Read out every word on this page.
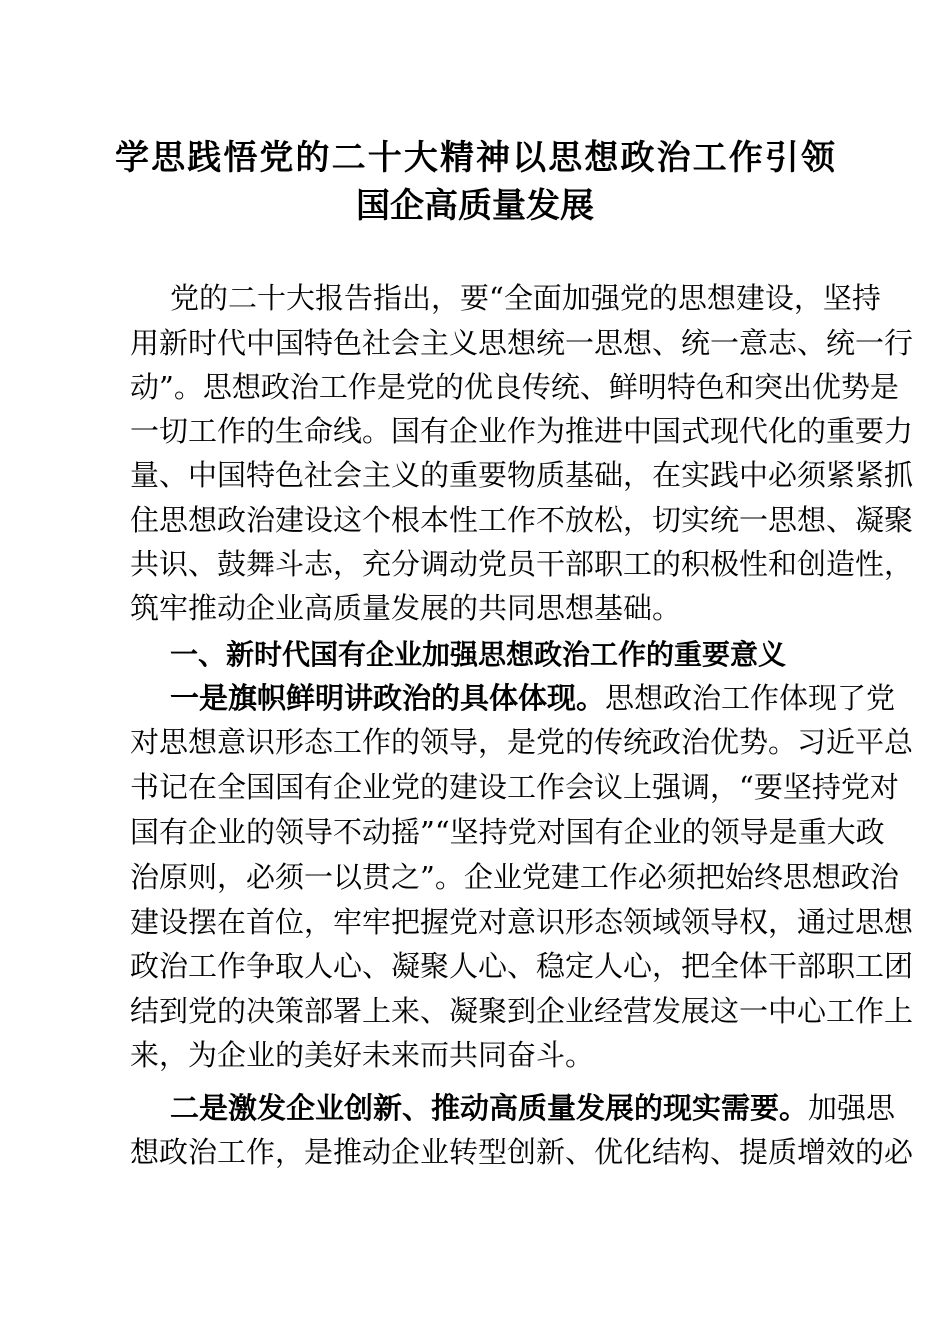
学思践悟党的二十大精神以思想政治工作引领
国企高质量发展
党的二十大报告指出，要“全面加强党的思想建设，坚持
用新时代中国特色社会主义思想统一思想、统一意志、统一行
动”。思想政治工作是党的优良传统、鲜明特色和突出优势是
一切工作的生命线。国有企业作为推进中国式现代化的重要力
量、中国特色社会主义的重要物质基础，在实践中必须紧紧抓
住思想政治建设这个根本性工作不放松，切实统一思想、凝聚
共识、鼓舞斗志，充分调动党员干部职工的积极性和创造性，
筑牢推动企业高质量发展的共同思想基础。
一、新时代国有企业加强思想政治工作的重要意义
一是旗帜鲜明讲政治的具体体现。思想政治工作体现了党
对思想意识形态工作的领导，是党的传统政治优势。习近平总
书记在全国国有企业党的建设工作会议上强调，“要坚持党对
国有企业的领导不动摇”“坚持党对国有企业的领导是重大政
治原则，必须一以贯之”。企业党建工作必须把始终思想政治
建设摆在首位，牢牢把握党对意识形态领域领导权，通过思想
政治工作争取人心、凝聚人心、稳定人心，把全体干部职工团
结到党的决策部署上来、凝聚到企业经营发展这一中心工作上
来，为企业的美好未来而共同奋斗。
二是激发企业创新、推动高质量发展的现实需要。加强思
想政治工作，是推动企业转型创新、优化结构、提质增效的必
